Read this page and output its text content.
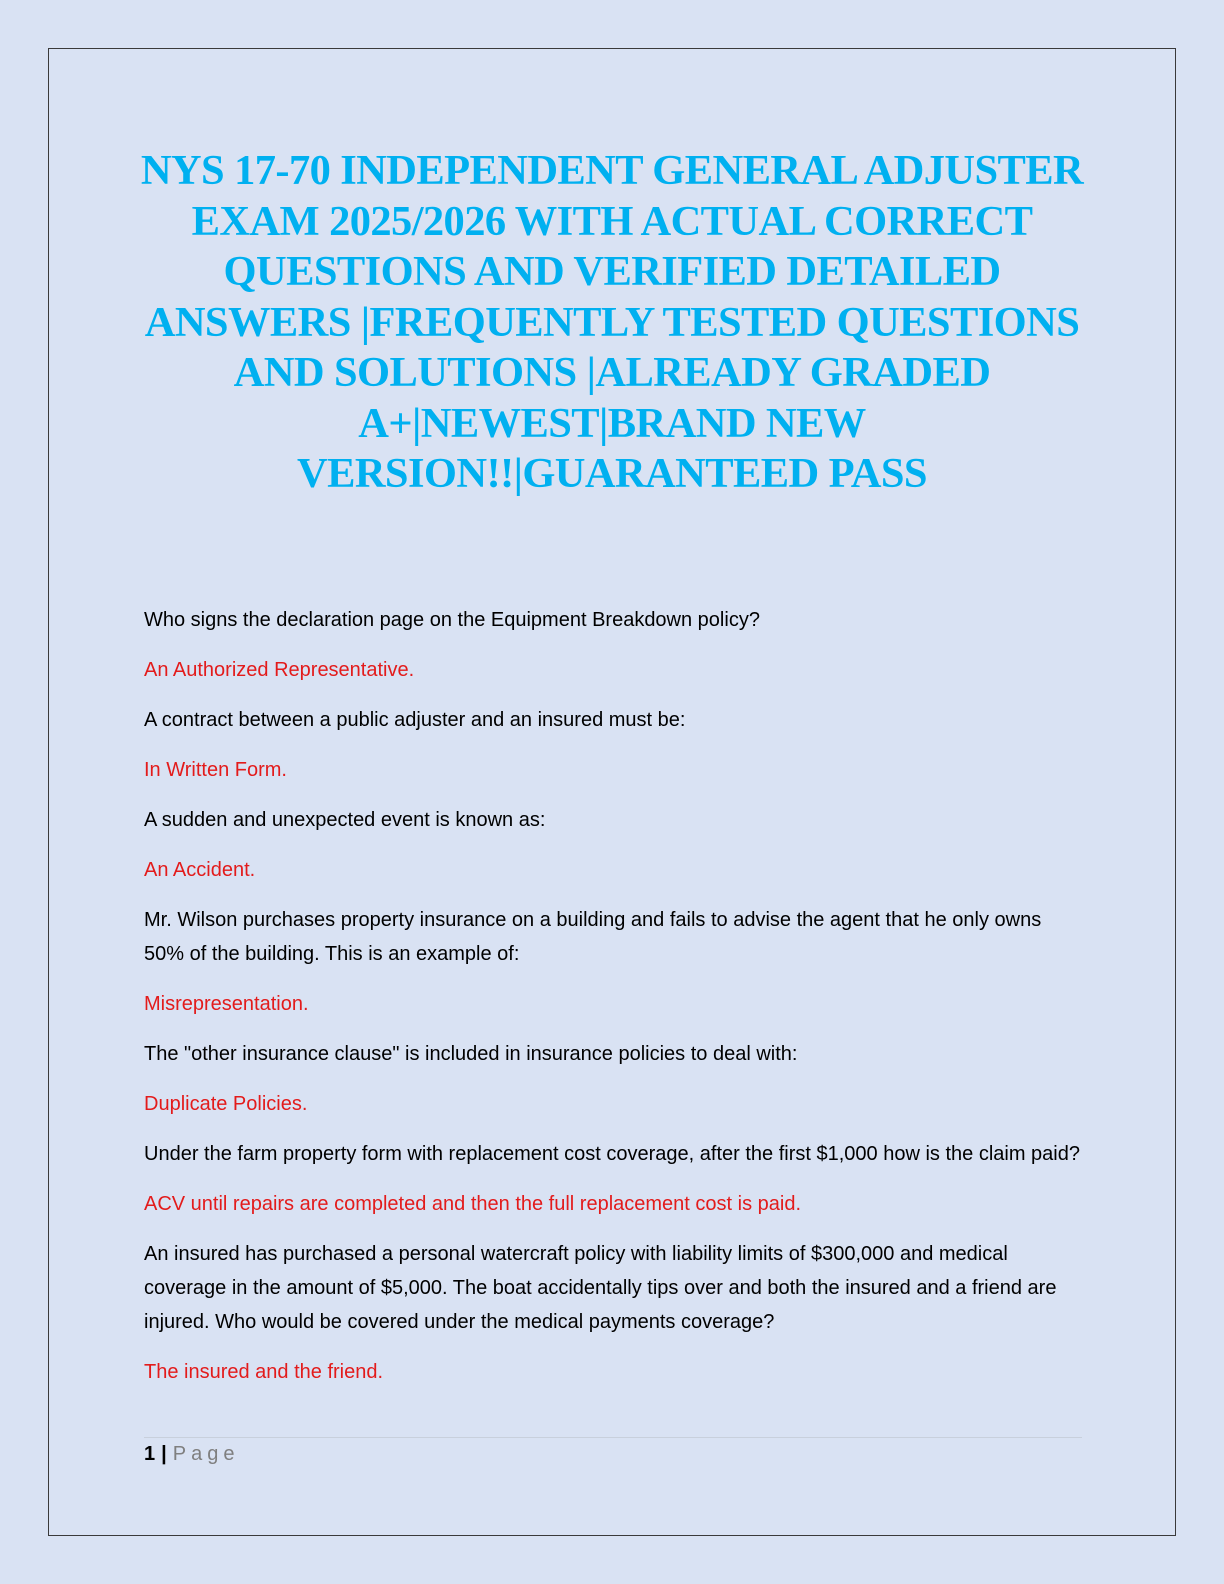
NYS 17-70 INDEPENDENT GENERAL ADJUSTER EXAM 2025/2026 WITH ACTUAL CORRECT QUESTIONS AND VERIFIED DETAILED ANSWERS |FREQUENTLY TESTED QUESTIONS AND SOLUTIONS |ALREADY GRADED A+|NEWEST|BRAND NEW VERSION!!|GUARANTEED PASS

Who signs the declaration page on the Equipment Breakdown policy?

An Authorized Representative.

A contract between a public adjuster and an insured must be:

In Written Form.

A sudden and unexpected event is known as:

An Accident.

Mr. Wilson purchases property insurance on a building and fails to advise the agent that he only owns 50% of the building. This is an example of:

Misrepresentation.

The "other insurance clause" is included in insurance policies to deal with:

Duplicate Policies.

Under the farm property form with replacement cost coverage, after the first $1,000 how is the claim paid?

ACV until repairs are completed and then the full replacement cost is paid.

An insured has purchased a personal watercraft policy with liability limits of $300,000 and medical coverage in the amount of $5,000. The boat accidentally tips over and both the insured and a friend are injured. Who would be covered under the medical payments coverage?

The insured and the friend.

1 | Page
